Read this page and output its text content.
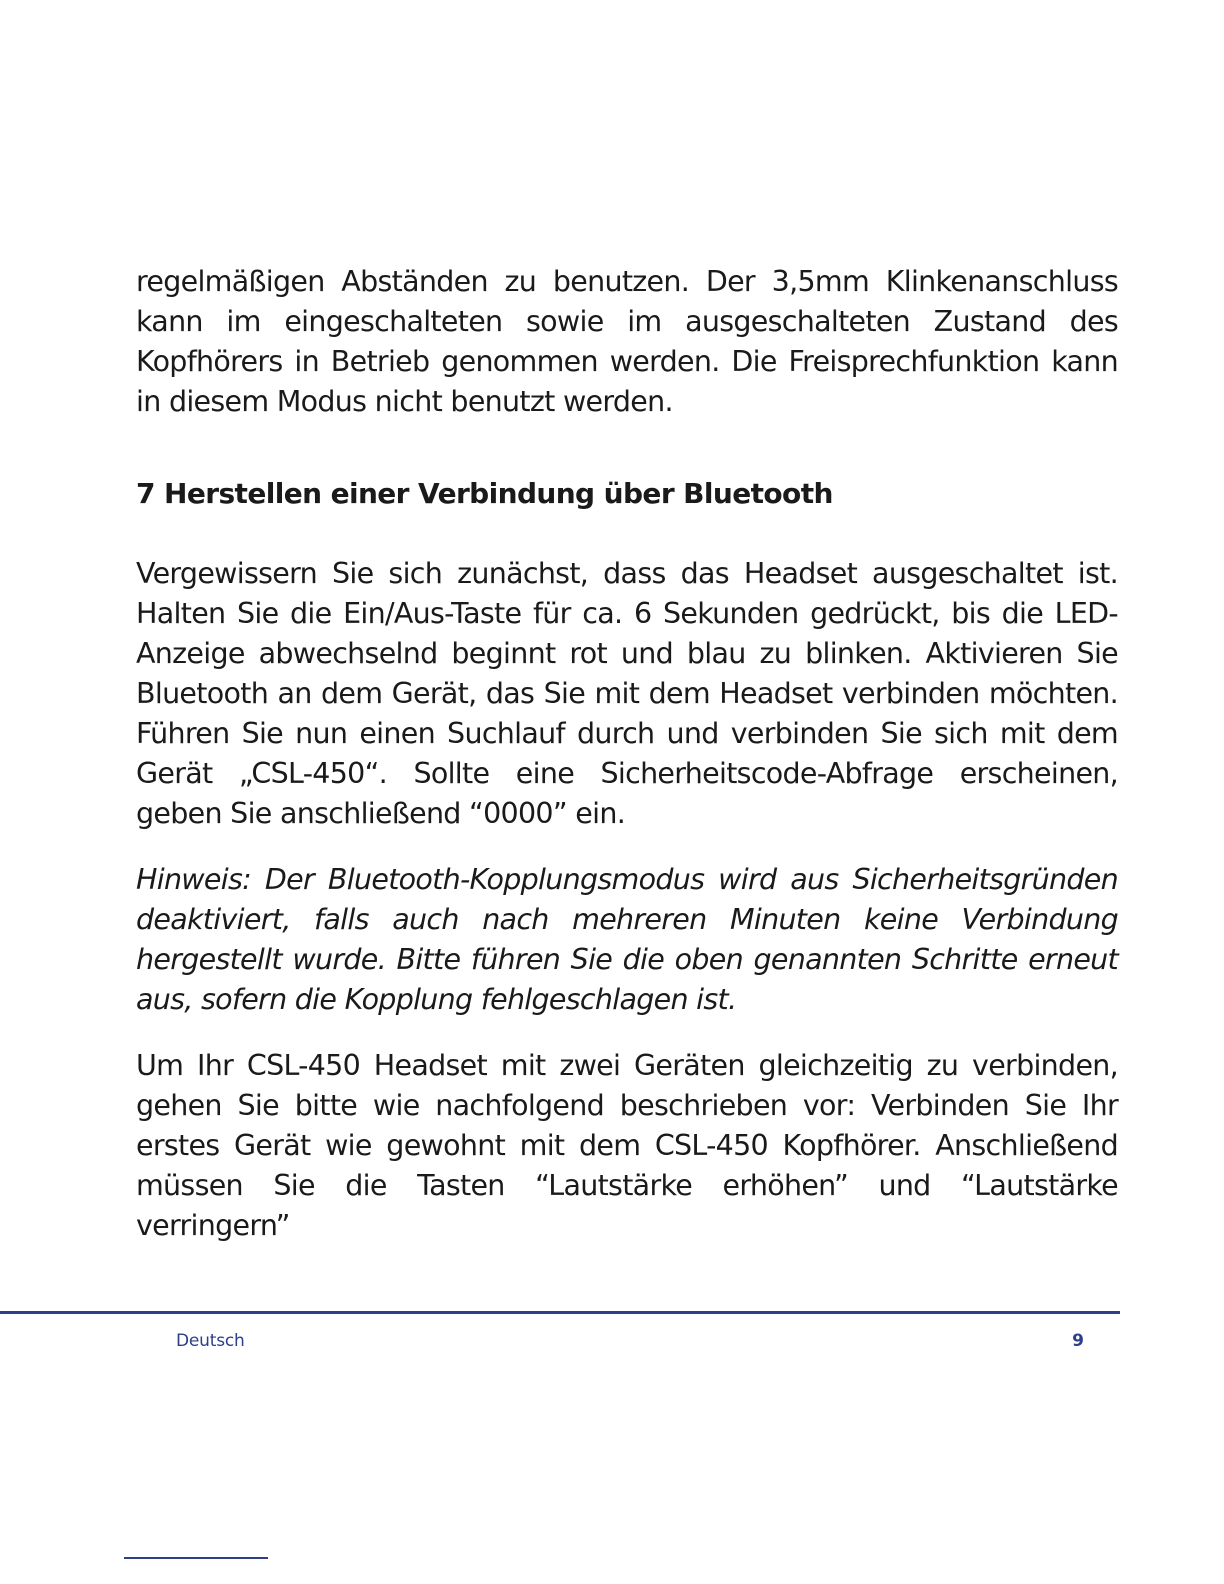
regelmäßigen Abständen zu benutzen. Der 3,5mm Klinkenanschluss kann im eingeschalteten sowie im ausgeschalteten Zustand des Kopfhörers in Betrieb genommen werden. Die Freisprechfunktion kann in diesem Modus nicht benutzt werden.

7 Herstellen einer Verbindung über Bluetooth

Vergewissern Sie sich zunächst, dass das Headset ausgeschaltet ist. Halten Sie die Ein/Aus-Taste für ca. 6 Sekunden gedrückt, bis die LED-Anzeige abwechselnd beginnt rot und blau zu blinken. Aktivieren Sie Bluetooth an dem Gerät, das Sie mit dem Headset verbinden möchten. Führen Sie nun einen Suchlauf durch und verbinden Sie sich mit dem Gerät „CSL-450“. Sollte eine Sicherheitscode-Abfrage erscheinen, geben Sie anschließend “0000” ein.

Hinweis: Der Bluetooth-Kopplungsmodus wird aus Sicherheitsgründen deaktiviert, falls auch nach mehreren Minuten keine Verbindung hergestellt wurde. Bitte führen Sie die oben genannten Schritte erneut aus, sofern die Kopplung fehlgeschlagen ist.

Um Ihr CSL-450 Headset mit zwei Geräten gleichzeitig zu verbinden, gehen Sie bitte wie nachfolgend beschrieben vor: Verbinden Sie Ihr erstes Gerät wie gewohnt mit dem CSL-450 Kopfhörer. Anschließend müssen Sie die Tasten “Lautstärke erhöhen” und “Lautstärke verringern”

Deutsch	9
